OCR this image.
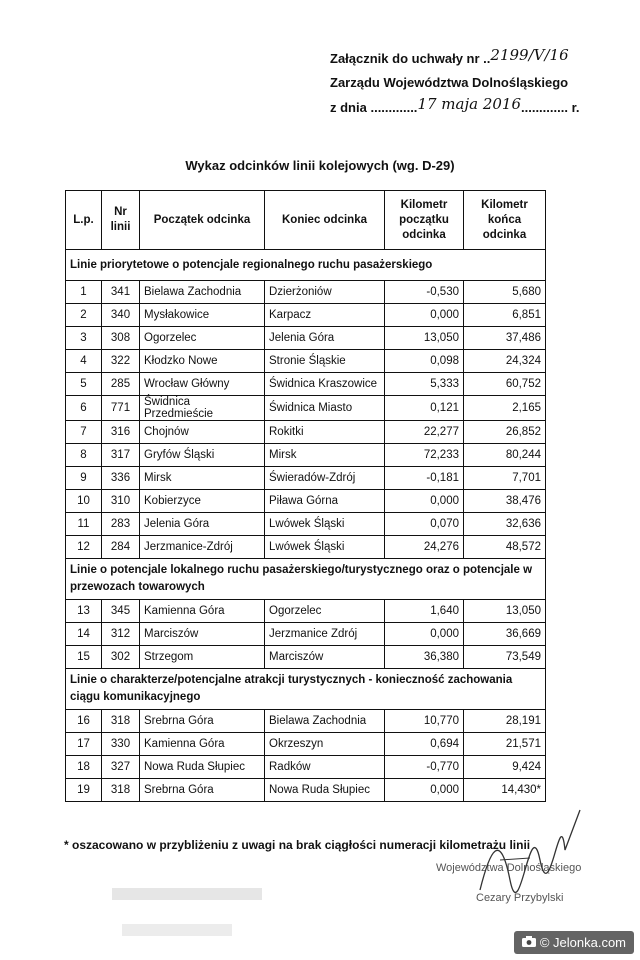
Załącznik do uchwały nr ..2199/V/16
Zarządu Województwa Dolnośląskiego
z dnia .............17 maja 2016............. r.
Wykaz odcinków linii kolejowych (wg. D-29)
L.p.	Nr linii	Początek odcinka	Koniec odcinka	Kilometr początku odcinka	Kilometr końca odcinka
Linie priorytetowe o potencjale regionalnego ruchu pasażerskiego					
1	341	Bielawa Zachodnia	Dzierżoniów	-0,530	5,680
2	340	Mysłakowice	Karpacz	0,000	6,851
3	308	Ogorzelec	Jelenia Góra	13,050	37,486
4	322	Kłodzko Nowe	Stronie Śląskie	0,098	24,324
5	285	Wrocław Główny	Świdnica Kraszowice	5,333	60,752
6	771	Świdnica Przedmieście	Świdnica Miasto	0,121	2,165
7	316	Chojnów	Rokitki	22,277	26,852
8	317	Gryfów Śląski	Mirsk	72,233	80,244
9	336	Mirsk	Świeradów-Zdrój	-0,181	7,701
10	310	Kobierzyce	Piława Górna	0,000	38,476
11	283	Jelenia Góra	Lwówek Śląski	0,070	32,636
12	284	Jerzmanice-Zdrój	Lwówek Śląski	24,276	48,572
Linie o potencjale lokalnego ruchu pasażerskiego/turystycznego oraz o potencjale w przewozach towarowych					
13	345	Kamienna Góra	Ogorzelec	1,640	13,050
14	312	Marciszów	Jerzmanice Zdrój	0,000	36,669
15	302	Strzegom	Marciszów	36,380	73,549
Linie o charakterze/potencjalne atrakcji turystycznych - konieczność zachowania ciągu komunikacyjnego					
16	318	Srebrna Góra	Bielawa Zachodnia	10,770	28,191
17	330	Kamienna Góra	Okrzeszyn	0,694	21,571
18	327	Nowa Ruda Słupiec	Radków	-0,770	9,424
19	318	Srebrna Góra	Nowa Ruda Słupiec	0,000	14,430*
* oszacowano w przybliżeniu z uwagi na brak ciągłości numeracji kilometrażu linii
Województwa Dolnośląskiego
Cezary Przybylski
© Jelonka.com
